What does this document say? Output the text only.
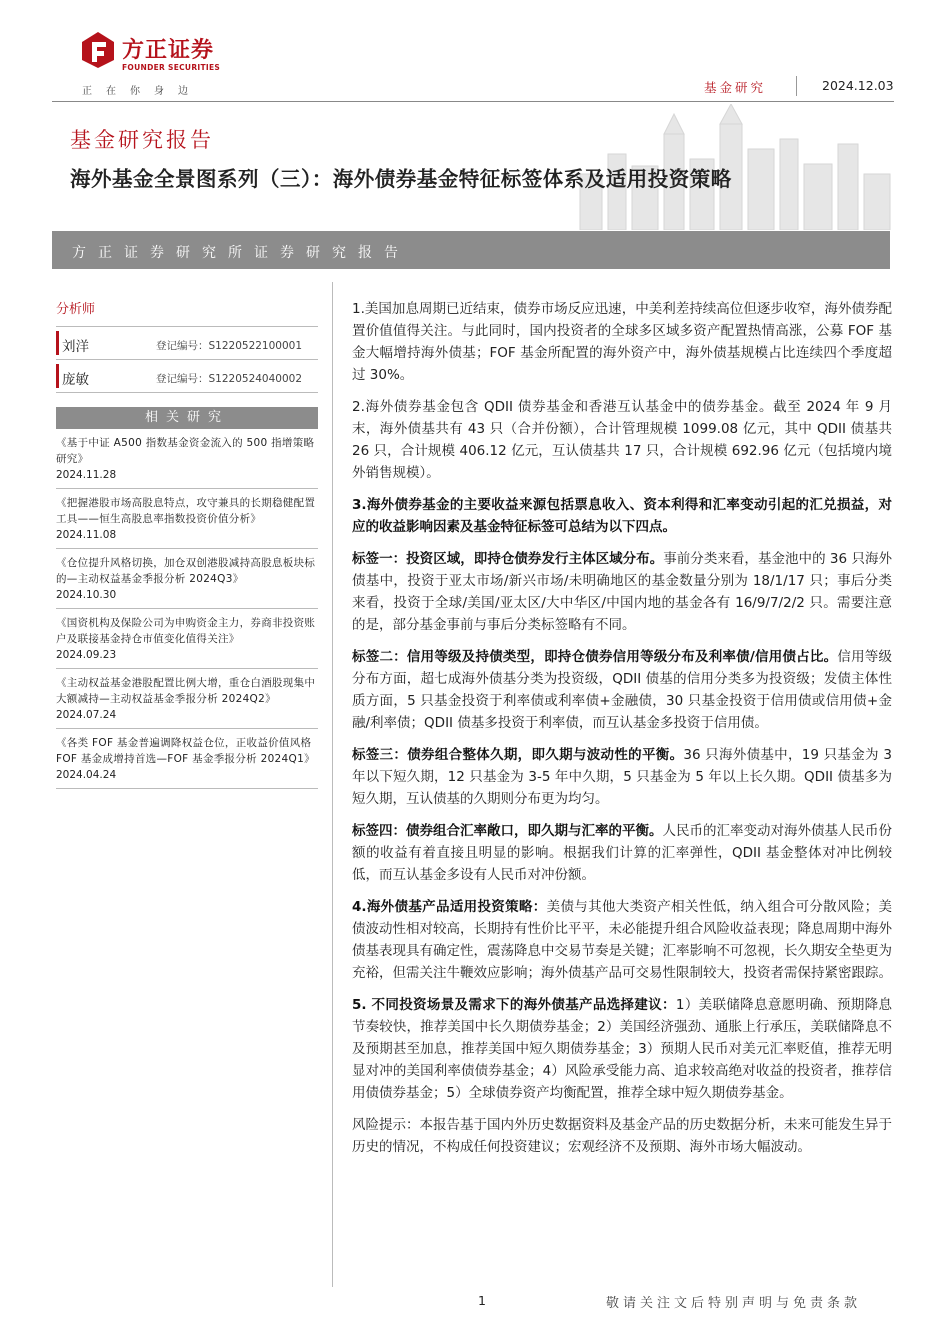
方正证券
FOUNDER SECURITIES
正在你身边	基金研究	2024.12.03
基金研究报告
海外基金全景图系列（三）：海外债券基金特征标签体系及适用投资策略
方正证券研究所证券研究报告
分析师
刘洋	登记编号：S1220522100001
庞敏	登记编号：S1220524040002
相关研究
《基于中证 A500 指数基金资金流入的 500 指增策略研究》
2024.11.28
《把握港股市场高股息特点，攻守兼具的长期稳健配置工具——恒生高股息率指数投资价值分析》
2024.11.08
《仓位提升风格切换，加仓双创港股减持高股息板块标的—主动权益基金季报分析 2024Q3》
2024.10.30
《国资机构及保险公司为申购资金主力，券商非投资账户及联接基金持仓市值变化值得关注》
2024.09.23
《主动权益基金港股配置比例大增，重仓白酒股现集中大额减持—主动权益基金季报分析 2024Q2》
2024.07.24
《各类 FOF 基金普遍调降权益仓位，正收益价值风格 FOF 基金成增持首选—FOF 基金季报分析 2024Q1》
2024.04.24

1.美国加息周期已近结束，债券市场反应迅速，中美利差持续高位但逐步收窄，海外债券配置价值值得关注。与此同时，国内投资者的全球多区域多资产配置热情高涨，公募 FOF 基金大幅增持海外债基；FOF 基金所配置的海外资产中，海外债基规模占比连续四个季度超过 30%。

2.海外债券基金包含 QDII 债券基金和香港互认基金中的债券基金。截至 2024 年 9 月末，海外债基共有 43 只（合并份额），合计管理规模 1099.08 亿元，其中 QDII 债基共 26 只，合计规模 406.12 亿元，互认债基共 17 只，合计规模 692.96 亿元（包括境内境外销售规模）。

3.海外债券基金的主要收益来源包括票息收入、资本利得和汇率变动引起的汇兑损益，对应的收益影响因素及基金特征标签可总结为以下四点。

标签一：投资区域，即持仓债券发行主体区域分布。事前分类来看，基金池中的 36 只海外债基中，投资于亚太市场/新兴市场/未明确地区的基金数量分别为 18/1/17 只；事后分类来看，投资于全球/美国/亚太区/大中华区/中国内地的基金各有 16/9/7/2/2 只。需要注意的是，部分基金事前与事后分类标签略有不同。

标签二：信用等级及持债类型，即持仓债券信用等级分布及利率债/信用债占比。信用等级分布方面，超七成海外债基分类为投资级，QDII 债基的信用分类多为投资级；发债主体性质方面，5 只基金投资于利率债或利率债+金融债，30 只基金投资于信用债或信用债+金融/利率债；QDII 债基多投资于利率债，而互认基金多投资于信用债。

标签三：债券组合整体久期，即久期与波动性的平衡。36 只海外债基中，19 只基金为 3 年以下短久期，12 只基金为 3-5 年中久期，5 只基金为 5 年以上长久期。QDII 债基多为短久期，互认债基的久期则分布更为均匀。

标签四：债券组合汇率敞口，即久期与汇率的平衡。人民币的汇率变动对海外债基人民币份额的收益有着直接且明显的影响。根据我们计算的汇率弹性，QDII 基金整体对冲比例较低，而互认基金多设有人民币对冲份额。

4.海外债基产品适用投资策略：美债与其他大类资产相关性低，纳入组合可分散风险；美债波动性相对较高，长期持有性价比平平，未必能提升组合风险收益表现；降息周期中海外债基表现具有确定性，震荡降息中交易节奏是关键；汇率影响不可忽视，长久期安全垫更为充裕，但需关注牛鞭效应影响；海外债基产品可交易性限制较大，投资者需保持紧密跟踪。

5. 不同投资场景及需求下的海外债基产品选择建议：1）美联储降息意愿明确、预期降息节奏较快，推荐美国中长久期债券基金；2）美国经济强劲、通胀上行承压，美联储降息不及预期甚至加息，推荐美国中短久期债券基金；3）预期人民币对美元汇率贬值，推荐无明显对冲的美国利率债债券基金；4）风险承受能力高、追求较高绝对收益的投资者，推荐信用债债券基金；5）全球债券资产均衡配置，推荐全球中短久期债券基金。

风险提示：本报告基于国内外历史数据资料及基金产品的历史数据分析，未来可能发生异于历史的情况，不构成任何投资建议；宏观经济不及预期、海外市场大幅波动。

1	敬请关注文后特别声明与免责条款
